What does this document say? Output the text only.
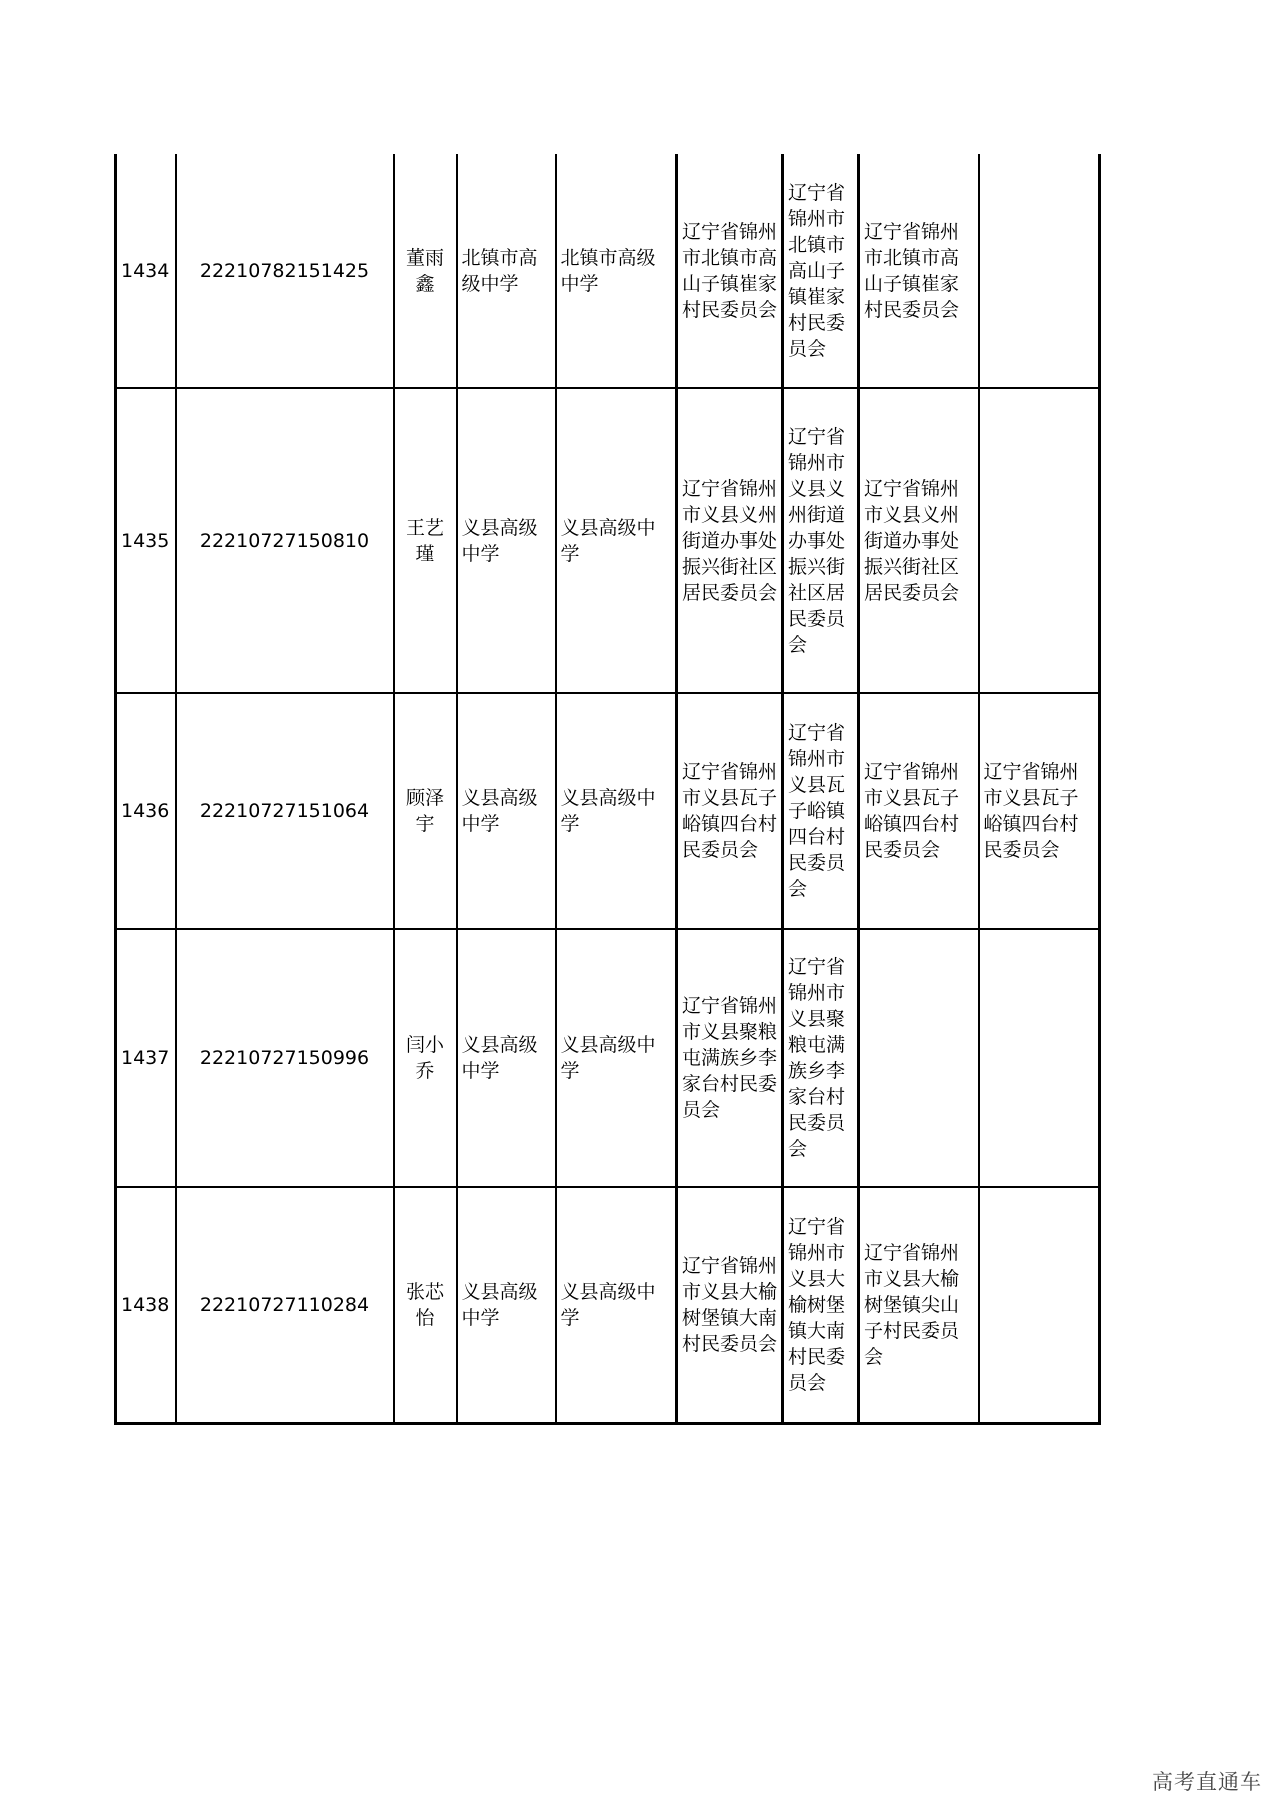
1434	22210782151425	董雨鑫	北镇市高级中学	北镇市高级中学	辽宁省锦州市北镇市高山子镇崔家村民委员会	辽宁省锦州市北镇市高山子镇崔家村民委员会	辽宁省锦州市北镇市高山子镇崔家村民委员会	
1435	22210727150810	王艺瑾	义县高级中学	义县高级中学	辽宁省锦州市义县义州街道办事处振兴街社区居民委员会	辽宁省锦州市义县义州街道办事处振兴街社区居民委员会	辽宁省锦州市义县义州街道办事处振兴街社区居民委员会	
1436	22210727151064	顾泽宇	义县高级中学	义县高级中学	辽宁省锦州市义县瓦子峪镇四台村民委员会	辽宁省锦州市义县瓦子峪镇四台村民委员会	辽宁省锦州市义县瓦子峪镇四台村民委员会	辽宁省锦州市义县瓦子峪镇四台村民委员会
1437	22210727150996	闫小乔	义县高级中学	义县高级中学	辽宁省锦州市义县聚粮屯满族乡李家台村民委员会	辽宁省锦州市义县聚粮屯满族乡李家台村民委员会		
1438	22210727110284	张芯怡	义县高级中学	义县高级中学	辽宁省锦州市义县大榆树堡镇大南村民委员会	辽宁省锦州市义县大榆树堡镇大南村民委员会	辽宁省锦州市义县大榆树堡镇尖山子村民委员会	
高考直通车
